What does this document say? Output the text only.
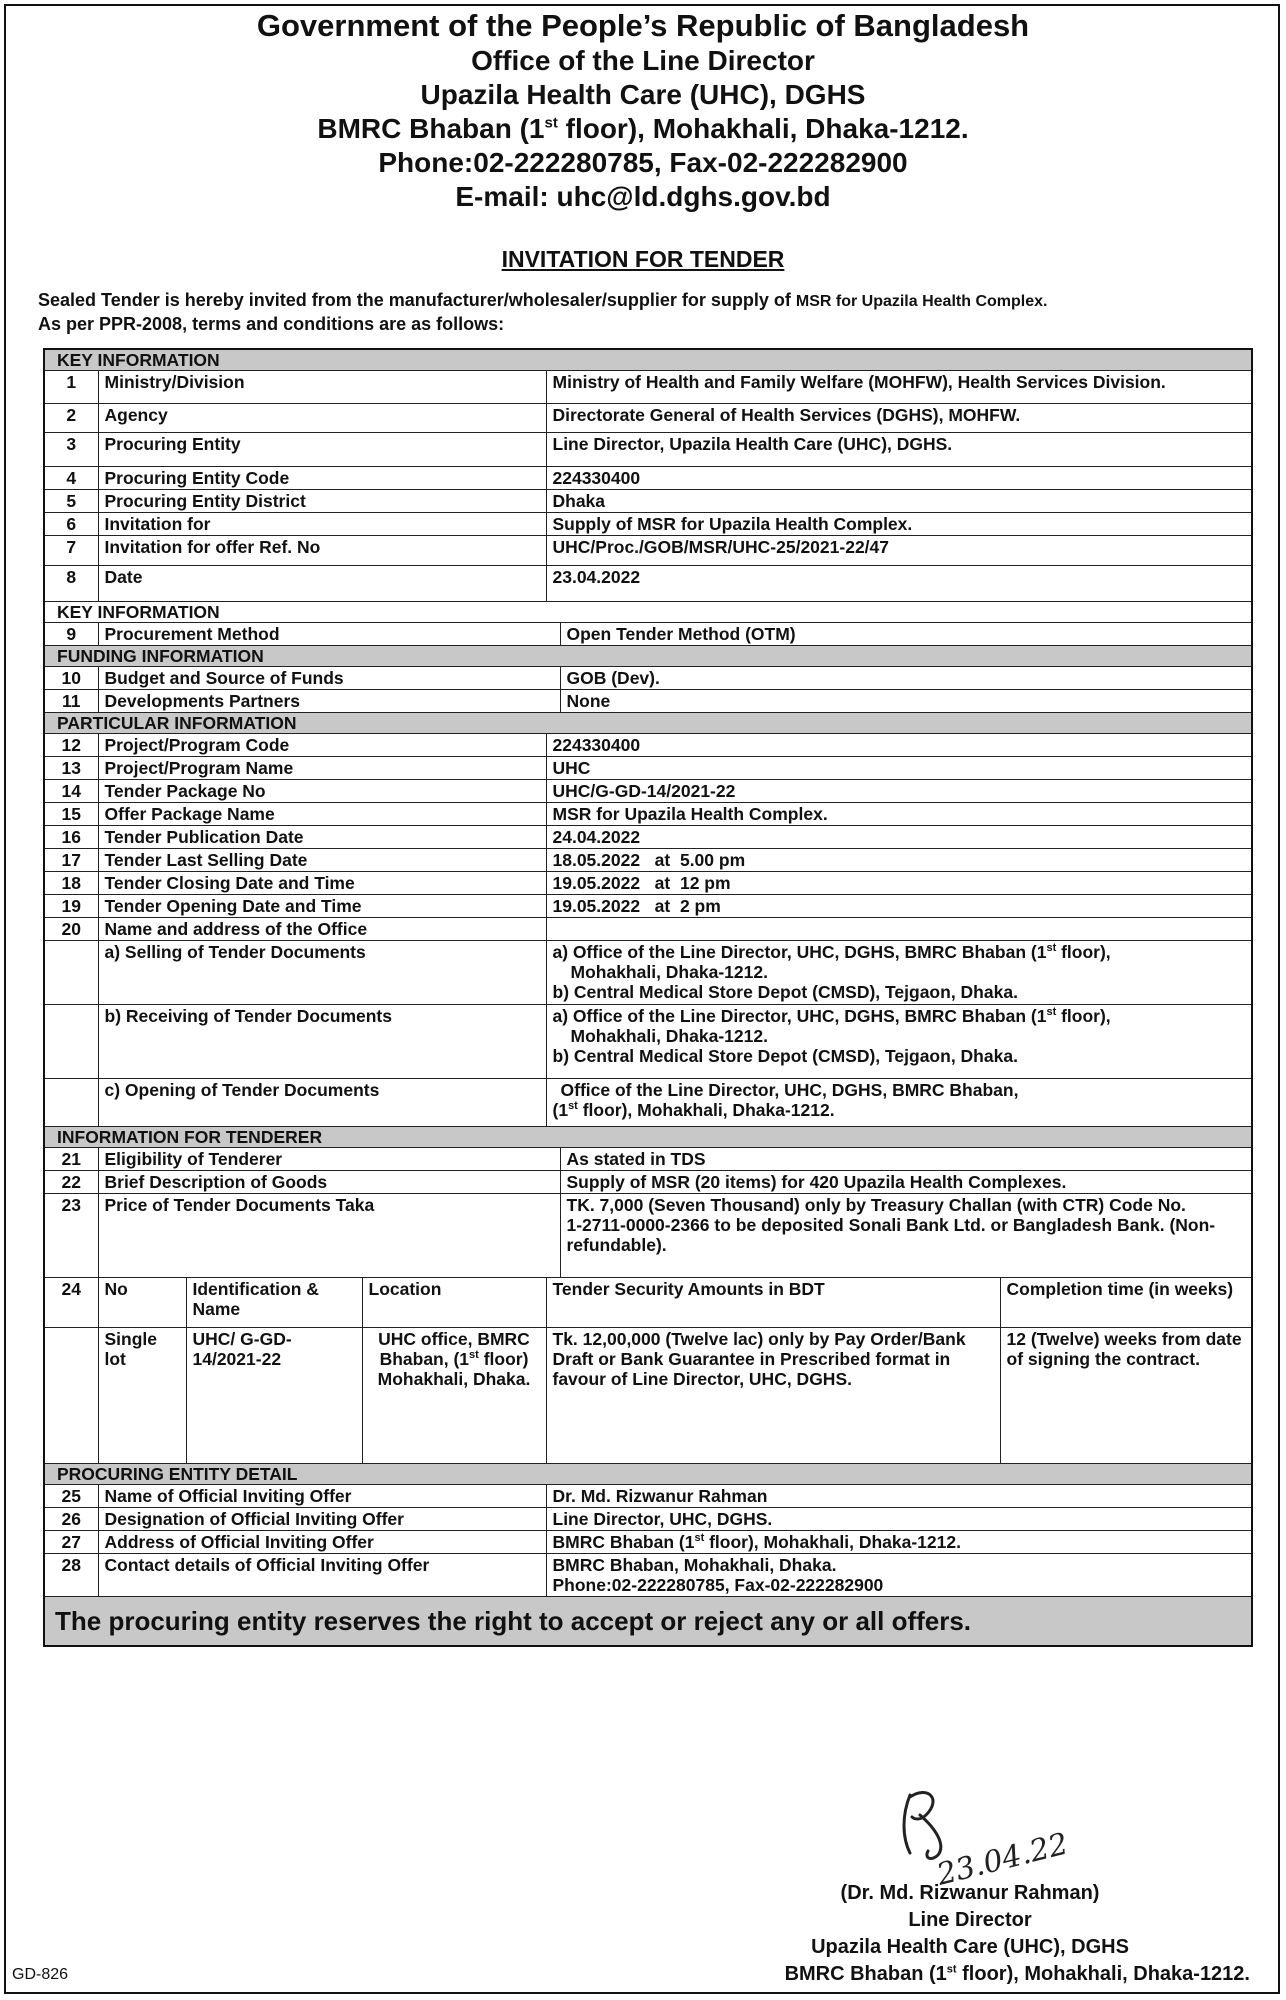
Government of the People’s Republic of Bangladesh
Office of the Line Director
Upazila Health Care (UHC), DGHS
BMRC Bhaban (1st floor), Mohakhali, Dhaka-1212.
Phone:02-222280785, Fax-02-222282900
E-mail: uhc@ld.dghs.gov.bd
INVITATION FOR TENDER
Sealed Tender is hereby invited from the manufacturer/wholesaler/supplier for supply of MSR for Upazila Health Complex.
As per PPR-2008, terms and conditions are as follows:
KEY INFORMATION						
1	Ministry/Division			Ministry of Health and Family Welfare (MOHFW), Health Services Division.		
2	Agency			Directorate General of Health Services (DGHS), MOHFW.		
3	Procuring Entity			Line Director, Upazila Health Care (UHC), DGHS.		
4	Procuring Entity Code			224330400		
5	Procuring Entity District			Dhaka		
6	Invitation for			Supply of MSR for Upazila Health Complex.		
7	Invitation for offer Ref. No			UHC/Proc./GOB/MSR/UHC-25/2021-22/47		
8	Date			23.04.2022		
KEY INFORMATION						
9	Procurement Method				Open Tender Method (OTM)	
FUNDING INFORMATION						
10	Budget and Source of Funds				GOB (Dev).	
11	Developments Partners				None	
PARTICULAR INFORMATION						
12	Project/Program Code			224330400		
13	Project/Program Name			UHC		
14	Tender Package No			UHC/G-GD-14/2021-22		
15	Offer Package Name			MSR for Upazila Health Complex.		
16	Tender Publication Date			24.04.2022		
17	Tender Last Selling Date			18.05.2022   at  5.00 pm		
18	Tender Closing Date and Time			19.05.2022   at  12 pm		
19	Tender Opening Date and Time			19.05.2022   at  2 pm		
20	Name and address of the Office					
	a) Selling of Tender Documents			a) Office of the Line Director, UHC, DGHS, BMRC Bhaban (1st floor),
Mohakhali, Dhaka-1212.
b) Central Medical Store Depot (CMSD), Tejgaon, Dhaka.		
	b) Receiving of Tender Documents			a) Office of the Line Director, UHC, DGHS, BMRC Bhaban (1st floor),
Mohakhali, Dhaka-1212.
b) Central Medical Store Depot (CMSD), Tejgaon, Dhaka.		
	c) Opening of Tender Documents			Office of the Line Director, UHC, DGHS, BMRC Bhaban,
(1st floor), Mohakhali, Dhaka-1212.		
INFORMATION FOR TENDERER						
21	Eligibility of Tenderer				As stated in TDS	
22	Brief Description of Goods				Supply of MSR (20 items) for 420 Upazila Health Complexes.	
23	Price of Tender Documents Taka				TK. 7,000 (Seven Thousand) only by Treasury Challan (with CTR) Code No.
1-2711-0000-2366 to be deposited Sonali Bank Ltd. or Bangladesh Bank. (Non-refundable).	

24	No	Identification & Name	Location	Tender Security Amounts in BDT		Completion time (in weeks)
	Single lot	UHC/ G-GD-14/2021-22	UHC office, BMRC Bhaban, (1st floor) Mohakhali, Dhaka.	Tk. 12,00,000 (Twelve lac) only by Pay Order/Bank Draft or Bank Guarantee in Prescribed format in favour of Line Director, UHC, DGHS.		12 (Twelve) weeks from date of signing the contract.
PROCURING ENTITY DETAIL						
25	Name of Official Inviting Offer			Dr. Md. Rizwanur Rahman		
26	Designation of Official Inviting Offer			Line Director, UHC, DGHS.		
27	Address of Official Inviting Offer			BMRC Bhaban (1st floor), Mohakhali, Dhaka-1212.		
28	Contact details of Official Inviting Offer			BMRC Bhaban, Mohakhali, Dhaka.
Phone:02-222280785, Fax-02-222282900		

The procuring entity reserves the right to accept or reject any or all offers.						
23.04.22
(Dr. Md. Rizwanur Rahman)
Line Director
Upazila Health Care (UHC), DGHS
BMRC Bhaban (1st floor), Mohakhali, Dhaka-1212.
GD-826
